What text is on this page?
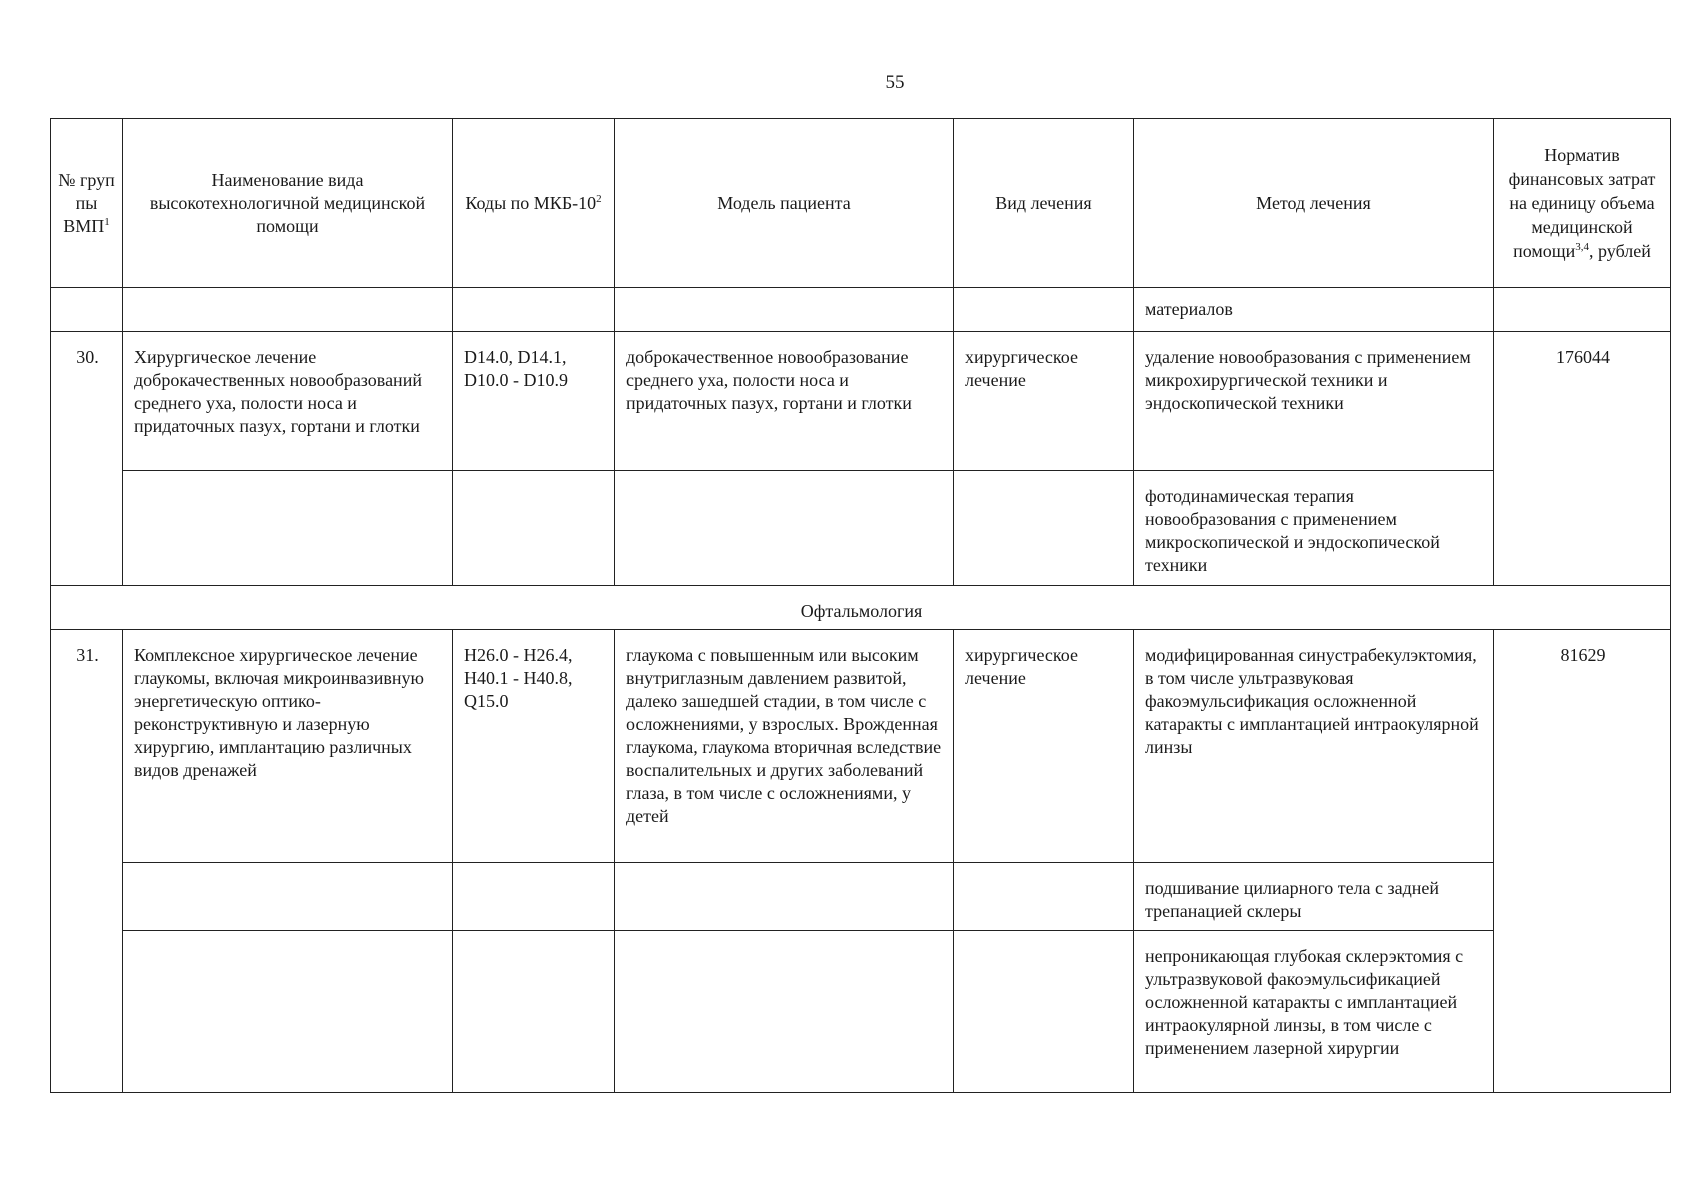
55
№ груп пы ВМП$^1$	Наименование вида высокотехнологичной медицинской помощи	Коды по МКБ-$10^2$	Модель пациента	Вид лечения	Метод лечения	Норматив финансовых затрат на единицу объема медицинской помощи$^{3,4}$, рублей
					материалов	
30.	Хирургическое лечение доброкачественных новообразований среднего уха, полости носа и придаточных пазух, гортани и глотки	D14.0, D14.1, D10.0 - D10.9	доброкачественное новообразование среднего уха, полости носа и придаточных пазух, гортани и глотки	хирургическое лечение	удаление новообразования с применением микрохирургической техники и эндоскопической техники	176044
					фотодинамическая терапия новообразования с применением микроскопической и эндоскопической техники	
Офтальмология						
31.	Комплексное хирургическое лечение глаукомы, включая микроинвазивную энергетическую оптико-реконструктивную и лазерную хирургию, имплантацию различных видов дренажей	H26.0 - H26.4, H40.1 - H40.8, Q15.0	глаукома с повышенным или высоким внутриглазным давлением развитой, далеко зашедшей стадии, в том числе с осложнениями, у взрослых. Врожденная глаукома, глаукома вторичная вследствие воспалительных и других заболеваний глаза, в том числе с осложнениями, у детей	хирургическое лечение	модифицированная синустрабекулэктомия, в том числе ультразвуковая факоэмульсификация осложненной катаракты с имплантацией интраокулярной линзы	81629
					подшивание цилиарного тела с задней трепанацией склеры	
					непроникающая глубокая склерэктомия с ультразвуковой факоэмульсификацией осложненной катаракты с имплантацией интраокулярной линзы, в том числе с применением лазерной хирургии	
